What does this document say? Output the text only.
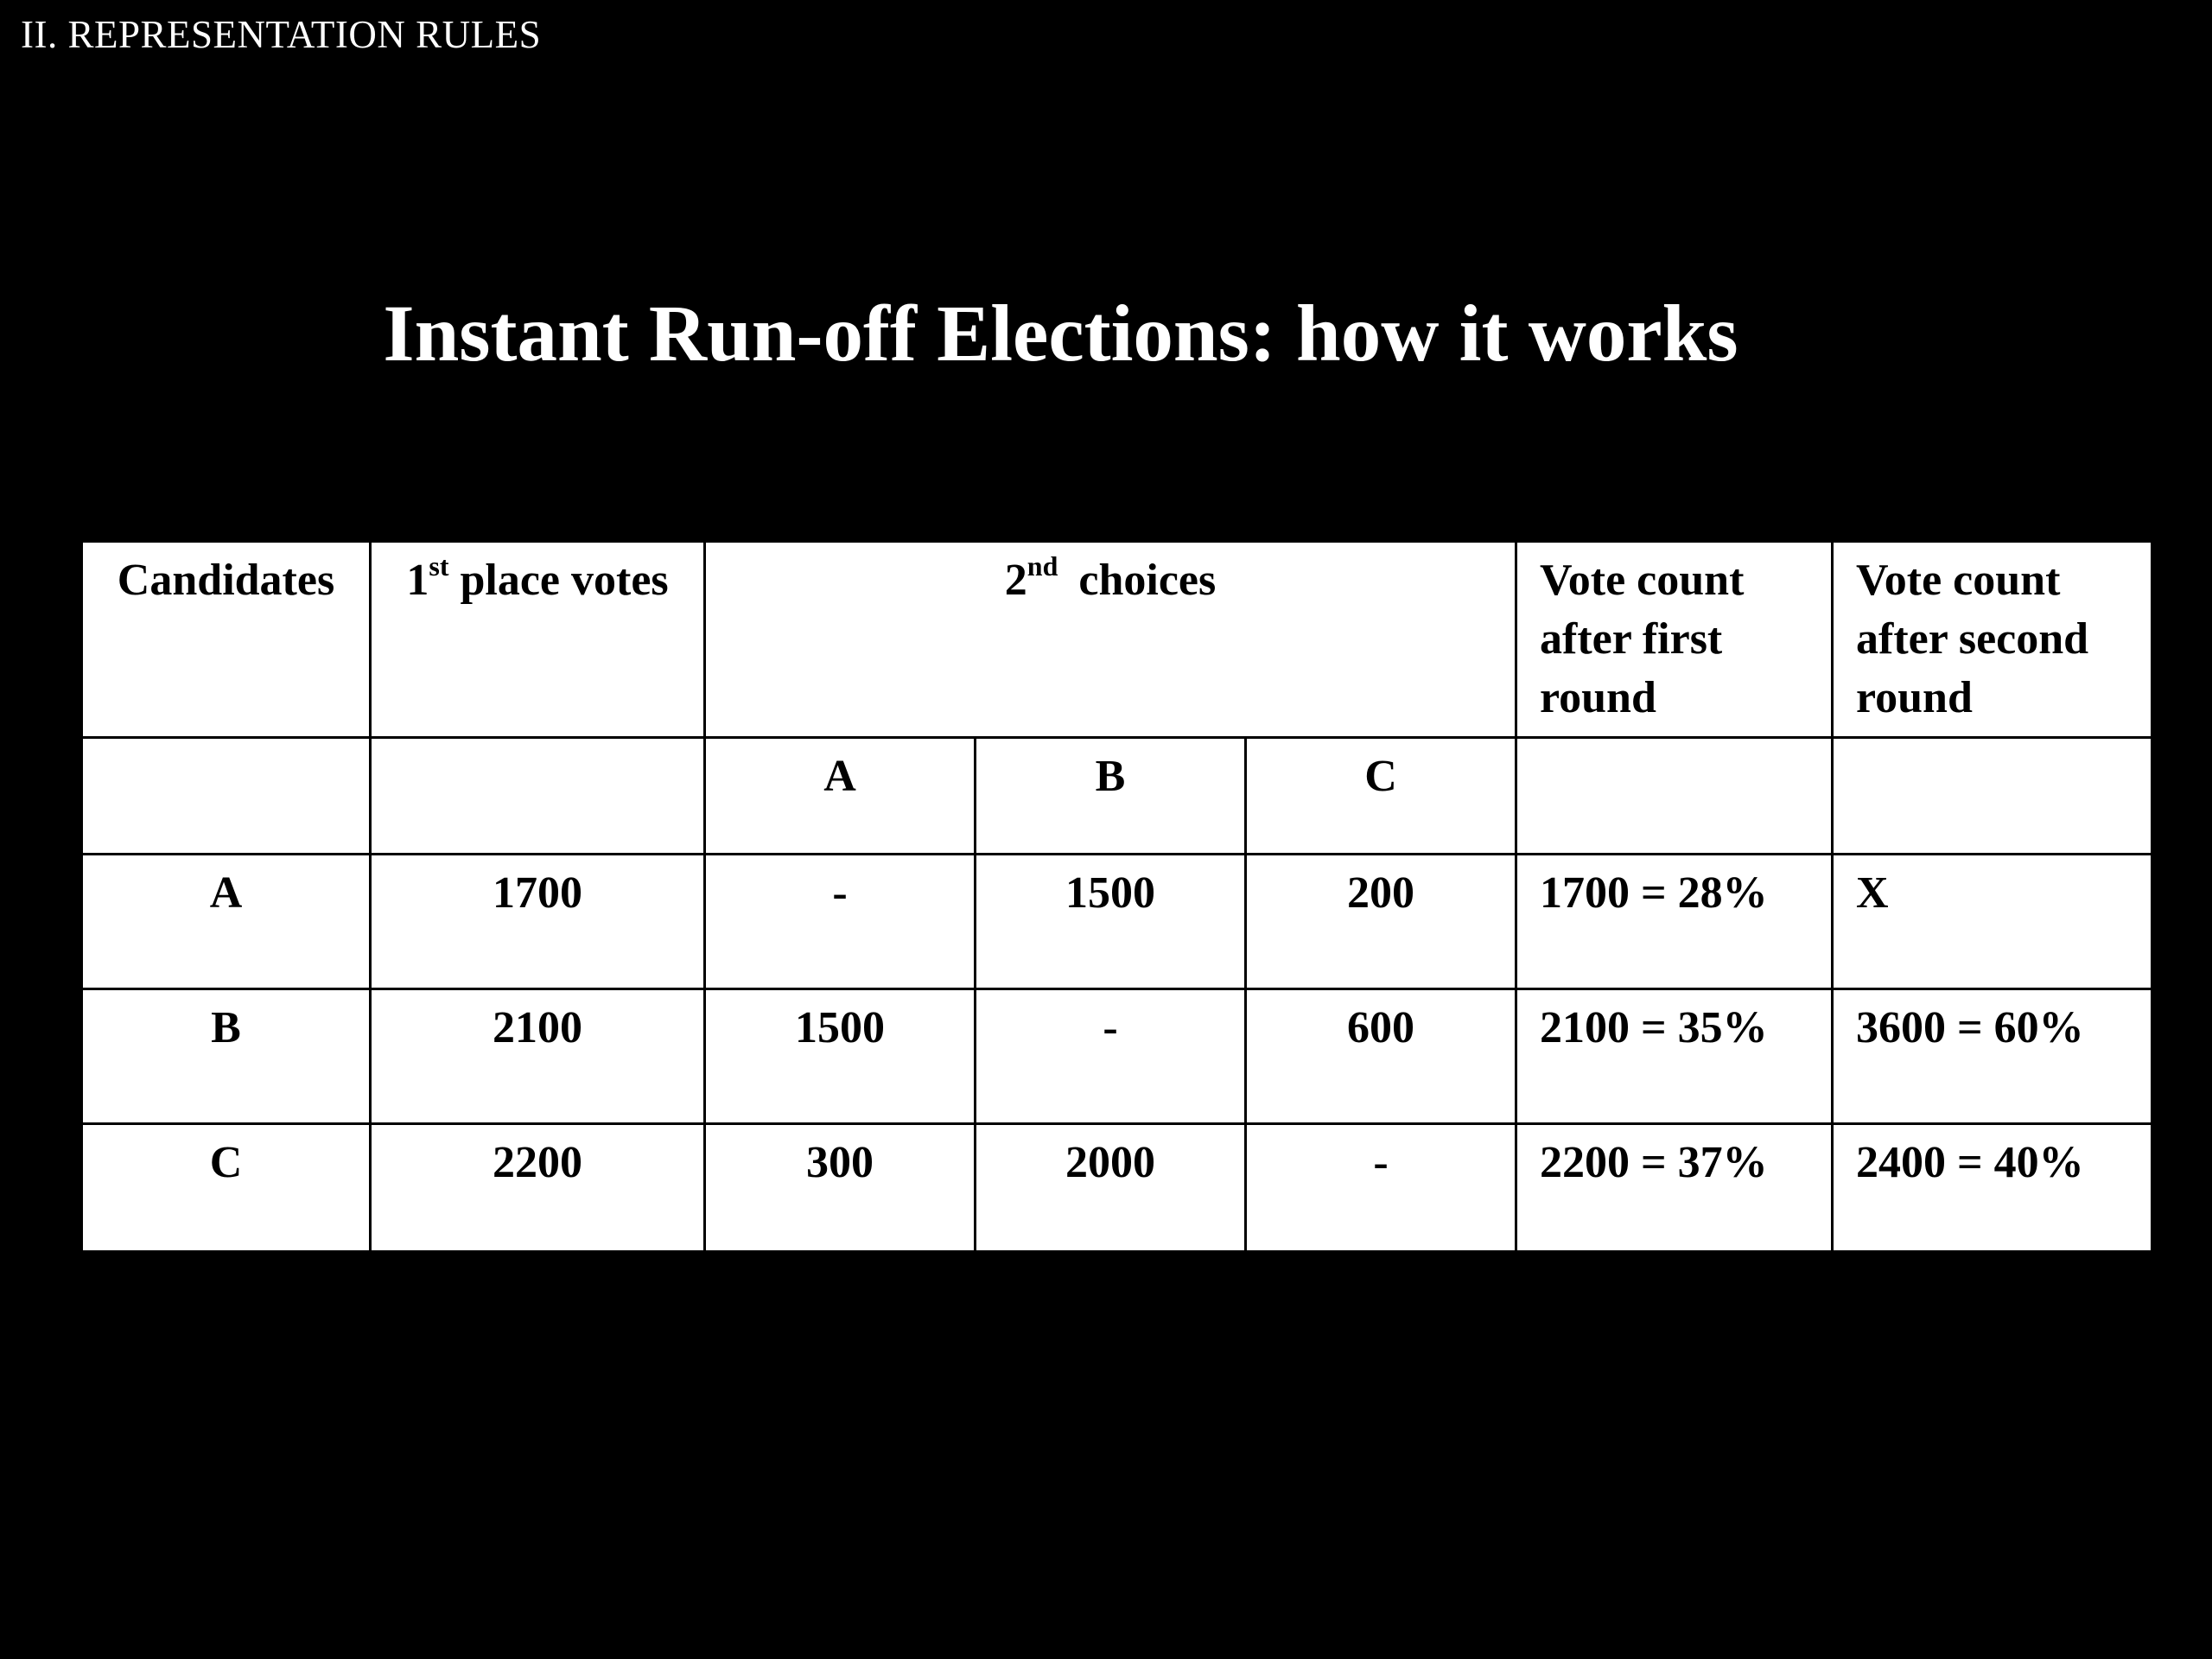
II. REPRESENTATION RULES
Instant Run-off Elections: how it works
Candidates	1st place votes	2nd choices			Vote count
after first
round	Vote count
after second
round
		A	B	C		
A	1700	-	1500	200	1700 = 28%	X
B	2100	1500	-	600	2100 = 35%	3600 = 60%
C	2200	300	2000	-	2200 = 37%	2400 = 40%
